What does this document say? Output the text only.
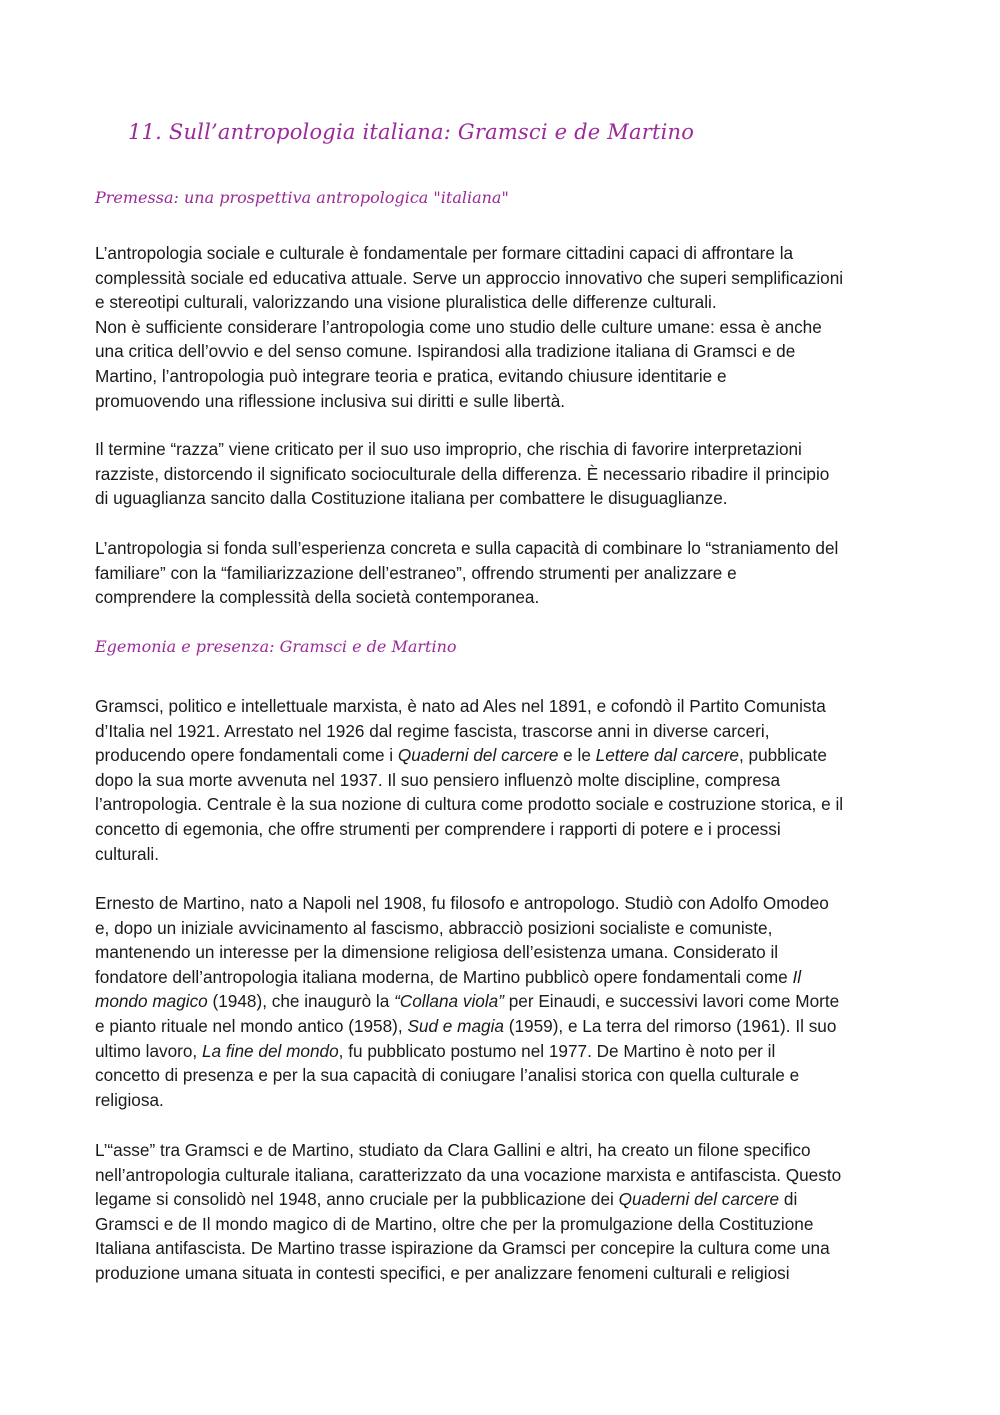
11. Sull’antropologia italiana: Gramsci e de Martino
Premessa: una prospettiva antropologica "italiana"

L’antropologia sociale e culturale è fondamentale per formare cittadini capaci di affrontare la
complessità sociale ed educativa attuale. Serve un approccio innovativo che superi semplificazioni
e stereotipi culturali, valorizzando una visione pluralistica delle differenze culturali.
Non è sufficiente considerare l’antropologia come uno studio delle culture umane: essa è anche
una critica dell’ovvio e del senso comune. Ispirandosi alla tradizione italiana di Gramsci e de
Martino, l’antropologia può integrare teoria e pratica, evitando chiusure identitarie e
promuovendo una riflessione inclusiva sui diritti e sulle libertà.

Il termine “razza” viene criticato per il suo uso improprio, che rischia di favorire interpretazioni
razziste, distorcendo il significato socioculturale della differenza. È necessario ribadire il principio
di uguaglianza sancito dalla Costituzione italiana per combattere le disuguaglianze.

L’antropologia si fonda sull’esperienza concreta e sulla capacità di combinare lo “straniamento del
familiare” con la “familiarizzazione dell’estraneo”, offrendo strumenti per analizzare e
comprendere la complessità della società contemporanea.

Egemonia e presenza: Gramsci e de Martino

Gramsci, politico e intellettuale marxista, è nato ad Ales nel 1891, e cofondò il Partito Comunista
d’Italia nel 1921. Arrestato nel 1926 dal regime fascista, trascorse anni in diverse carceri,
producendo opere fondamentali come i Quaderni del carcere e le Lettere dal carcere, pubblicate
dopo la sua morte avvenuta nel 1937. Il suo pensiero influenzò molte discipline, compresa
l’antropologia. Centrale è la sua nozione di cultura come prodotto sociale e costruzione storica, e il
concetto di egemonia, che offre strumenti per comprendere i rapporti di potere e i processi
culturali.

Ernesto de Martino, nato a Napoli nel 1908, fu filosofo e antropologo. Studiò con Adolfo Omodeo
e, dopo un iniziale avvicinamento al fascismo, abbracciò posizioni socialiste e comuniste,
mantenendo un interesse per la dimensione religiosa dell’esistenza umana. Considerato il
fondatore dell’antropologia italiana moderna, de Martino pubblicò opere fondamentali come Il
mondo magico (1948), che inaugurò la “Collana viola” per Einaudi, e successivi lavori come Morte
e pianto rituale nel mondo antico (1958), Sud e magia (1959), e La terra del rimorso (1961). Il suo
ultimo lavoro, La fine del mondo, fu pubblicato postumo nel 1977. De Martino è noto per il
concetto di presenza e per la sua capacità di coniugare l’analisi storica con quella culturale e
religiosa.

L’“asse” tra Gramsci e de Martino, studiato da Clara Gallini e altri, ha creato un filone specifico
nell’antropologia culturale italiana, caratterizzato da una vocazione marxista e antifascista. Questo
legame si consolidò nel 1948, anno cruciale per la pubblicazione dei Quaderni del carcere di
Gramsci e de Il mondo magico di de Martino, oltre che per la promulgazione della Costituzione
Italiana antifascista. De Martino trasse ispirazione da Gramsci per concepire la cultura come una
produzione umana situata in contesti specifici, e per analizzare fenomeni culturali e religiosi
